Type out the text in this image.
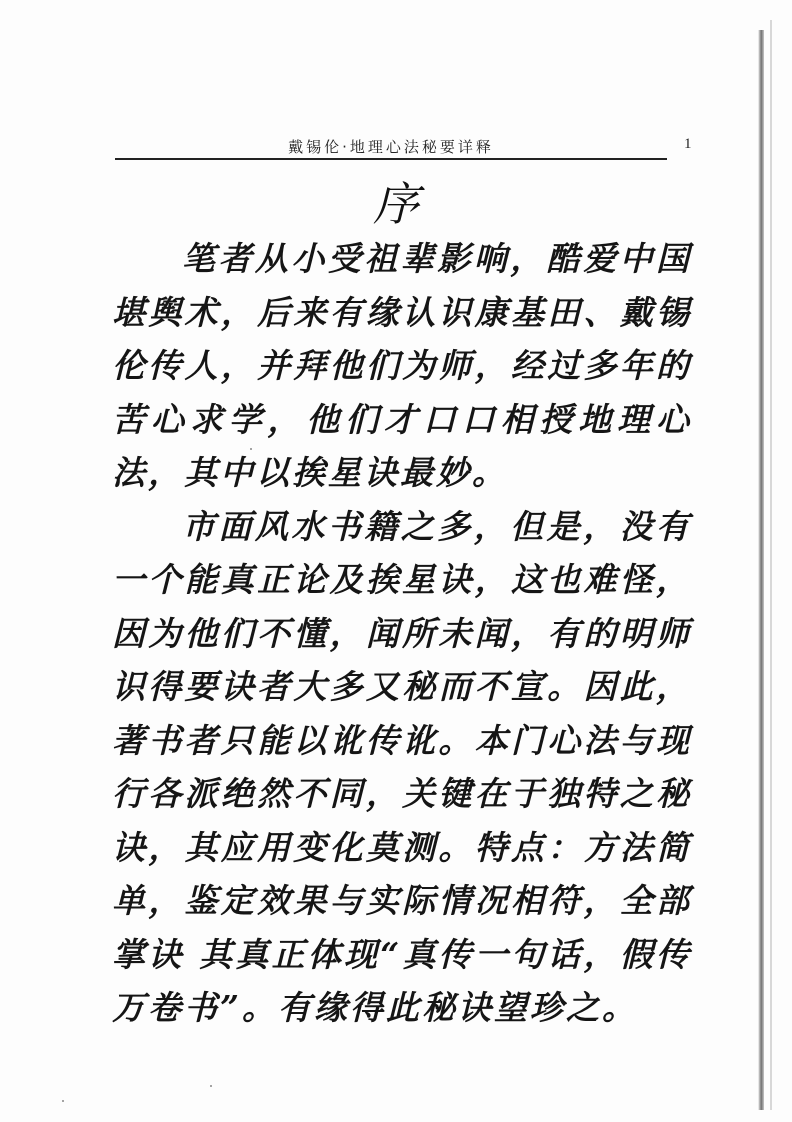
戴锡伦·地理心法秘要详释	1
序

笔者从小受祖辈影响，酷爱中国堪舆术，后来有缘认识康基田、戴锡伦传人，并拜他们为师，经过多年的苦心求学，他们才口口相授地理心法，其中以挨星诀最妙。

市面风水书籍之多，但是，没有一个能真正论及挨星诀，这也难怪，因为他们不懂，闻所未闻，有的明师识得要诀者大多又秘而不宣。因此，著书者只能以讹传讹。本门心法与现行各派绝然不同，关键在于独特之秘诀，其应用变化莫测。特点：方法简单，鉴定效果与实际情况相符，全部掌诀 其真正体现“真传一句话，假传万卷书”。有缘得此秘诀望珍之。
